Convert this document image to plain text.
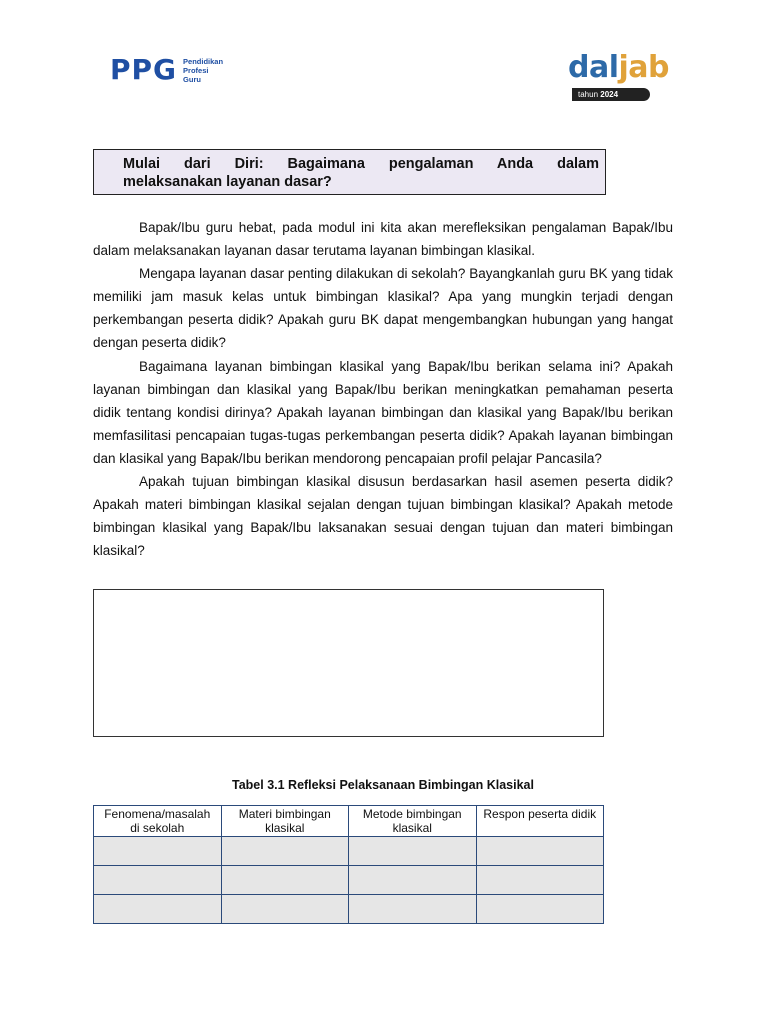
PPG Pendidikan
Profesi
Guru	daljab
tahun 2024

Mulai dari Diri: Bagaimana pengalaman Anda dalam

melaksanakan layanan dasar?

Bapak/Ibu guru hebat, pada modul ini kita akan merefleksikan pengalaman Bapak/Ibu dalam melaksanakan layanan dasar terutama layanan bimbingan klasikal.

Mengapa layanan dasar penting dilakukan di sekolah? Bayangkanlah guru BK yang tidak memiliki jam masuk kelas untuk bimbingan klasikal? Apa yang mungkin terjadi dengan perkembangan peserta didik? Apakah guru BK dapat mengembangkan hubungan yang hangat dengan peserta didik?

Bagaimana layanan bimbingan klasikal yang Bapak/Ibu berikan selama ini? Apakah layanan bimbingan dan klasikal yang Bapak/Ibu berikan meningkatkan pemahaman peserta didik tentang kondisi dirinya? Apakah layanan bimbingan dan klasikal yang Bapak/Ibu berikan memfasilitasi pencapaian tugas-tugas perkembangan peserta didik? Apakah layanan bimbingan dan klasikal yang Bapak/Ibu berikan mendorong pencapaian profil pelajar Pancasila?

Apakah tujuan bimbingan klasikal disusun berdasarkan hasil asemen peserta didik? Apakah materi bimbingan klasikal sejalan dengan tujuan bimbingan klasikal? Apakah metode bimbingan klasikal yang Bapak/Ibu laksanakan sesuai dengan tujuan dan materi bimbingan klasikal?

Tabel 3.1 Refleksi Pelaksanaan Bimbingan Klasikal
Fenomena/masalah di sekolah	Materi bimbingan klasikal	Metode bimbingan klasikal	Respon peserta didik
